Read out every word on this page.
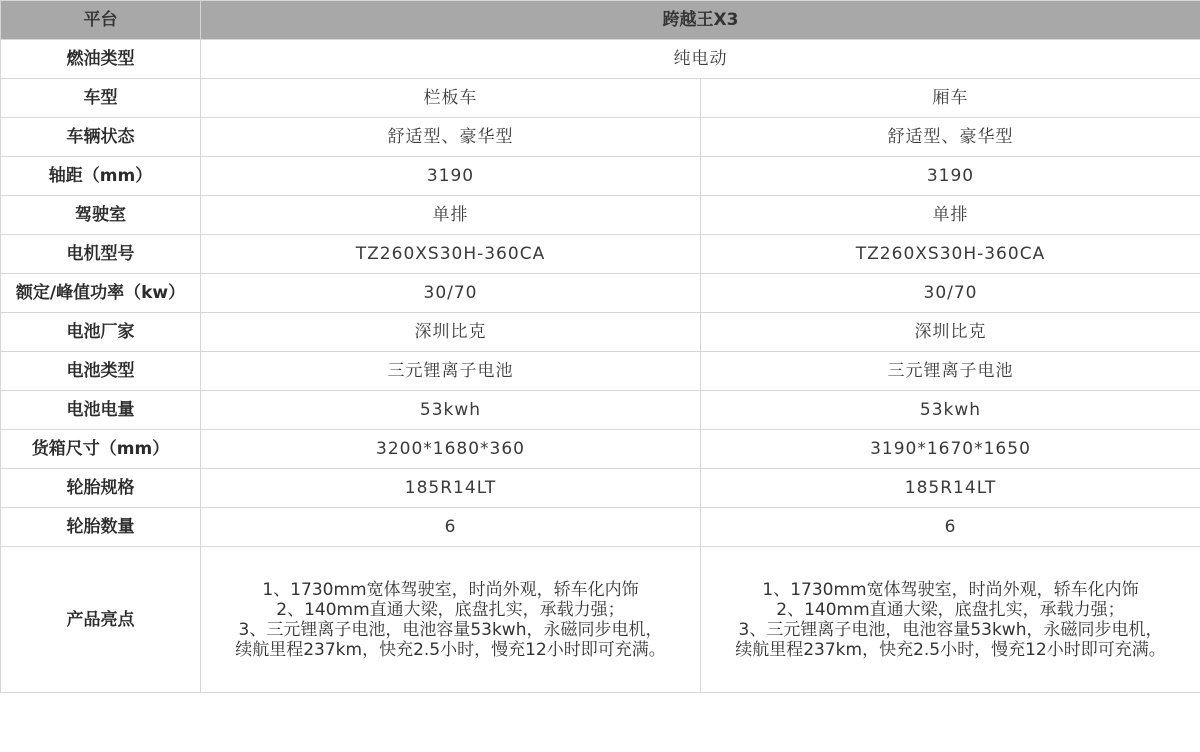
平台	跨越王X3	
燃油类型	纯电动	
车型	栏板车	厢车
车辆状态	舒适型、豪华型	舒适型、豪华型
轴距（mm）	3190	3190
驾驶室	单排	单排
电机型号	TZ260XS30H-360CA	TZ260XS30H-360CA
额定/峰值功率（kw）	30/70	30/70
电池厂家	深圳比克	深圳比克
电池类型	三元锂离子电池	三元锂离子电池
电池电量	53kwh	53kwh
货箱尺寸（mm）	3200*1680*360	3190*1670*1650
轮胎规格	185R14LT	185R14LT
轮胎数量	6	6
产品亮点	1、1730mm宽体驾驶室，时尚外观，轿车化内饰
2、140mm直通大梁，底盘扎实，承载力强；
3、三元锂离子电池，电池容量53kwh，永磁同步电机，
续航里程237km，快充2.5小时，慢充12小时即可充满。	1、1730mm宽体驾驶室，时尚外观，轿车化内饰
2、140mm直通大梁，底盘扎实，承载力强；
3、三元锂离子电池，电池容量53kwh，永磁同步电机，
续航里程237km，快充2.5小时，慢充12小时即可充满。
